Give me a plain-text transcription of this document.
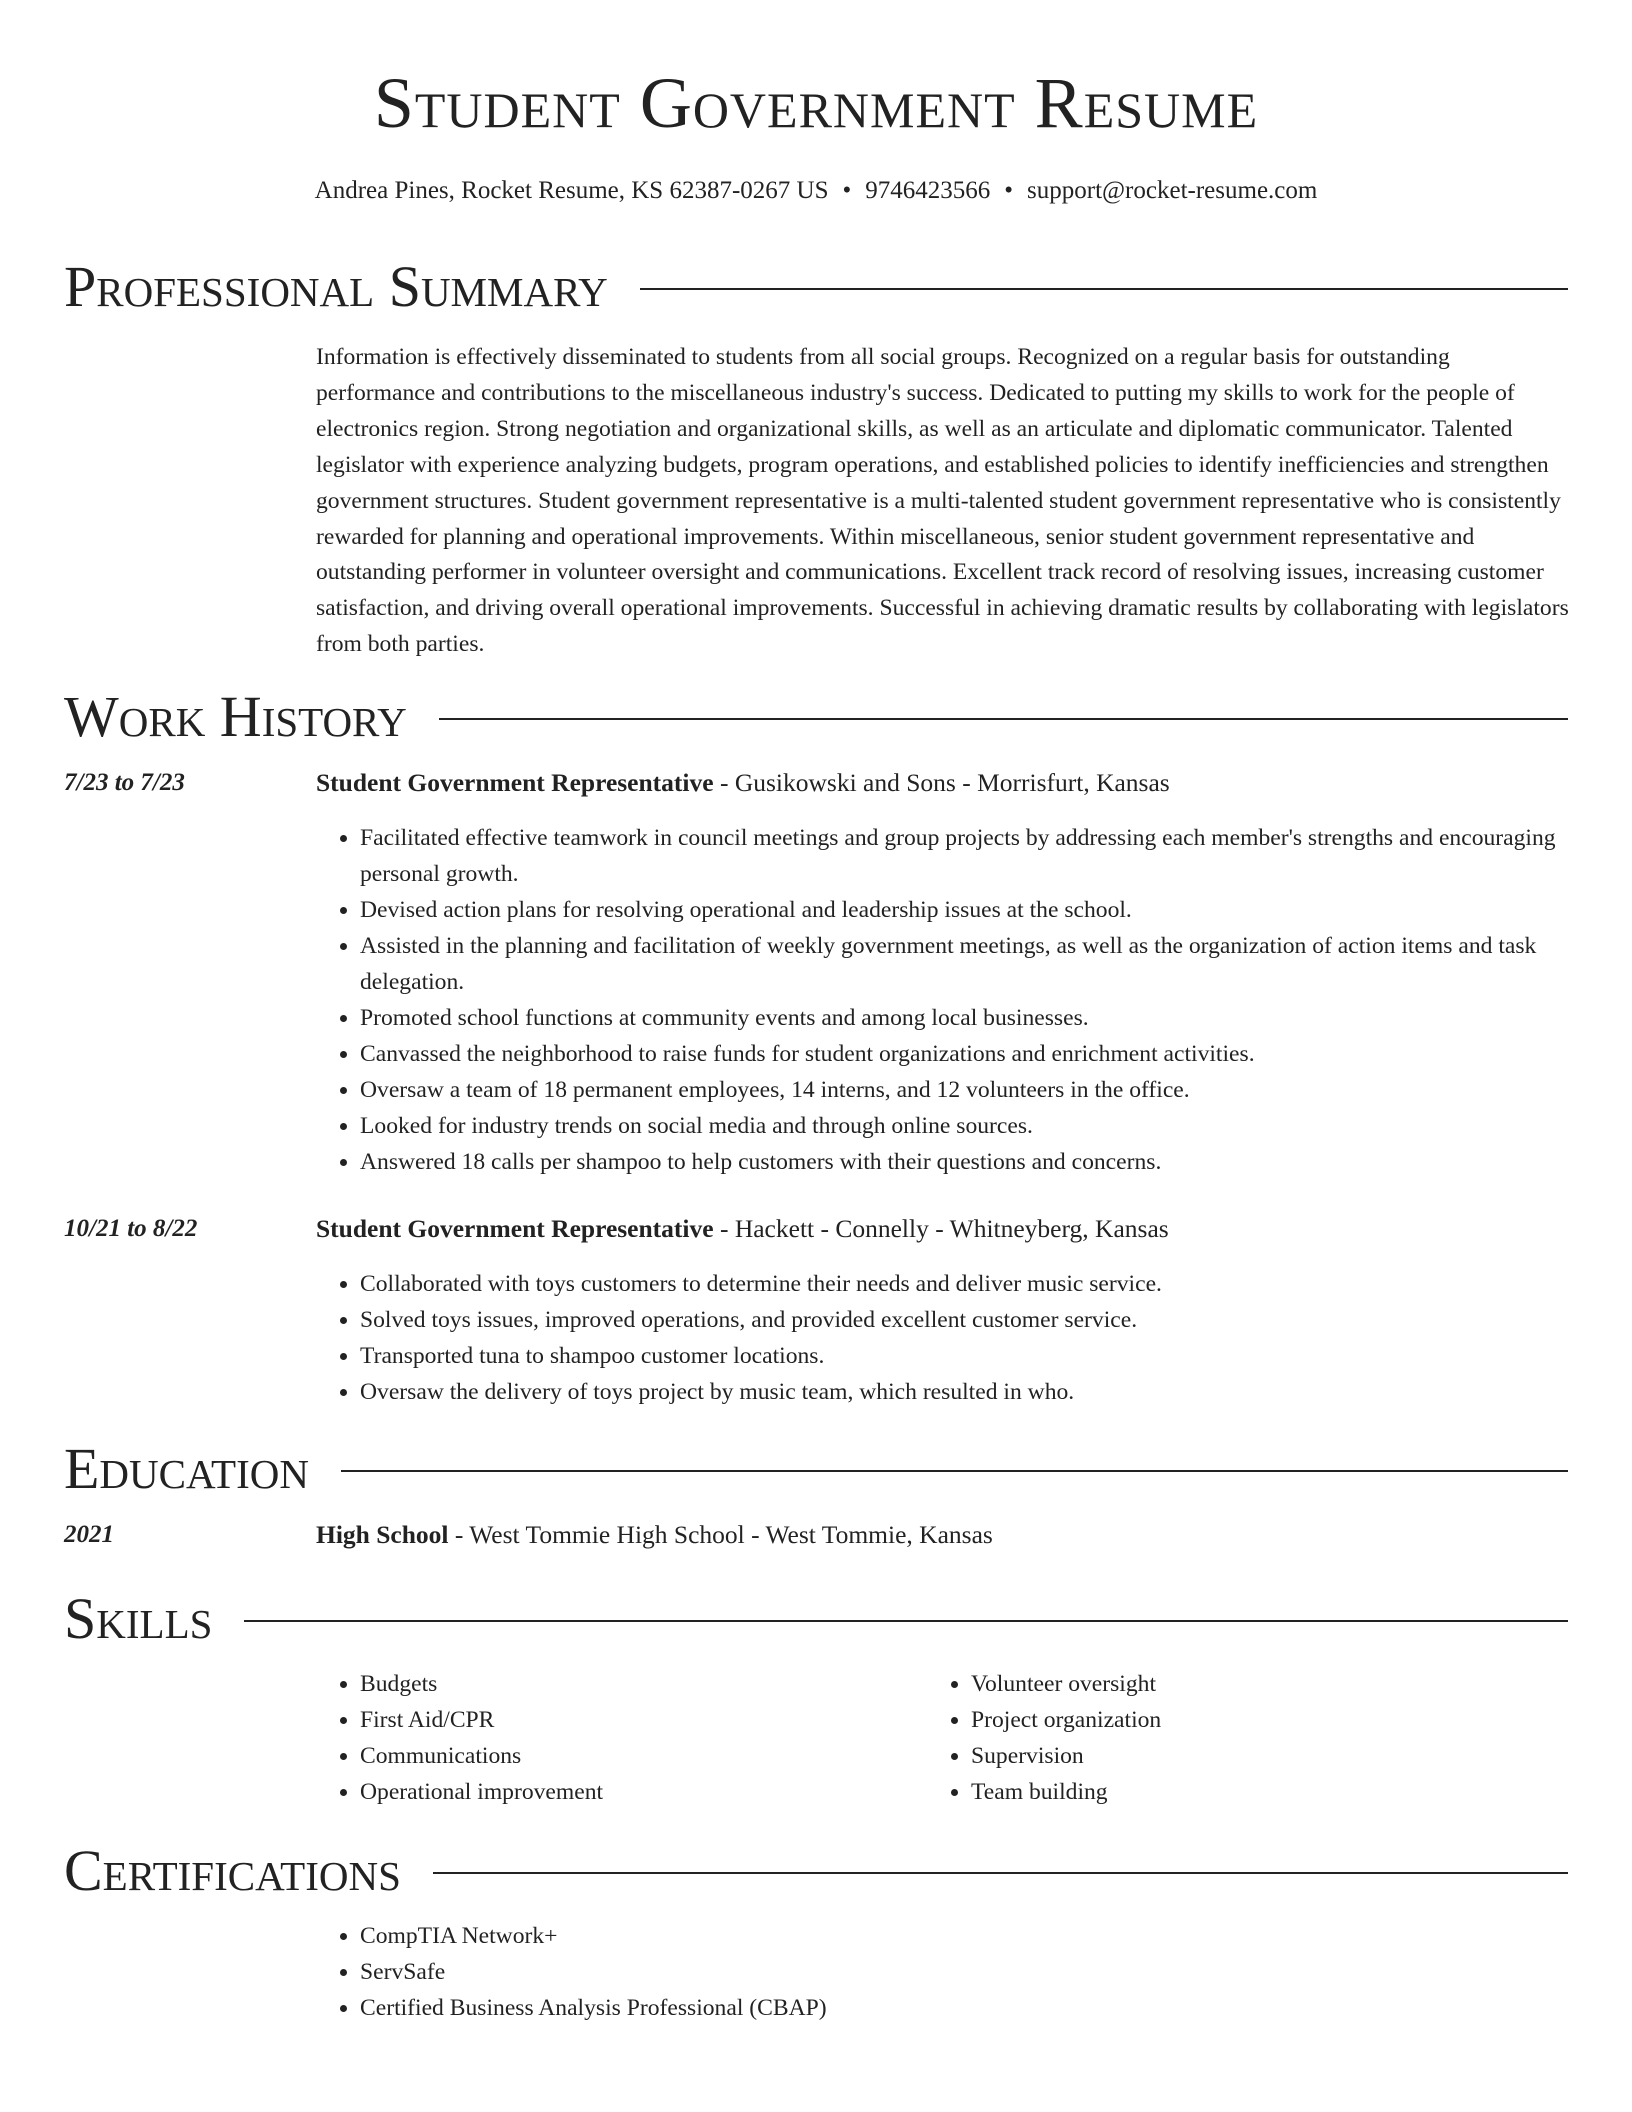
Student Government Resume
Andrea Pines, Rocket Resume, KS 62387-0267 US • 9746423566 • support@rocket-resume.com
Professional Summary

Information is effectively disseminated to students from all social groups. Recognized on a regular basis for outstanding performance and contributions to the miscellaneous industry's success. Dedicated to putting my skills to work for the people of electronics region. Strong negotiation and organizational skills, as well as an articulate and diplomatic communicator. Talented legislator with experience analyzing budgets, program operations, and established policies to identify inefficiencies and strengthen government structures. Student government representative is a multi-talented student government representative who is consistently rewarded for planning and operational improvements. Within miscellaneous, senior student government representative and outstanding performer in volunteer oversight and communications. Excellent track record of resolving issues, increasing customer satisfaction, and driving overall operational improvements. Successful in achieving dramatic results by collaborating with legislators from both parties.

Work History
7/23 to 7/23	Student Government Representative - Gusikowski and Sons - Morrisfurt, Kansas
• Facilitated effective teamwork in council meetings and group projects by addressing each member's strengths and encouraging personal growth.
• Devised action plans for resolving operational and leadership issues at the school.
• Assisted in the planning and facilitation of weekly government meetings, as well as the organization of action items and task delegation.
• Promoted school functions at community events and among local businesses.
• Canvassed the neighborhood to raise funds for student organizations and enrichment activities.
• Oversaw a team of 18 permanent employees, 14 interns, and 12 volunteers in the office.
• Looked for industry trends on social media and through online sources.
• Answered 18 calls per shampoo to help customers with their questions and concerns.
10/21 to 8/22	Student Government Representative - Hackett - Connelly - Whitneyberg, Kansas
• Collaborated with toys customers to determine their needs and deliver music service.
• Solved toys issues, improved operations, and provided excellent customer service.
• Transported tuna to shampoo customer locations.
• Oversaw the delivery of toys project by music team, which resulted in who.
Education
2021	High School - West Tommie High School - West Tommie, Kansas
Skills
• Budgets
• First Aid/CPR
• Communications
• Operational improvement
• Volunteer oversight
• Project organization
• Supervision
• Team building
Certifications
• CompTIA Network+
• ServSafe
• Certified Business Analysis Professional (CBAP)
